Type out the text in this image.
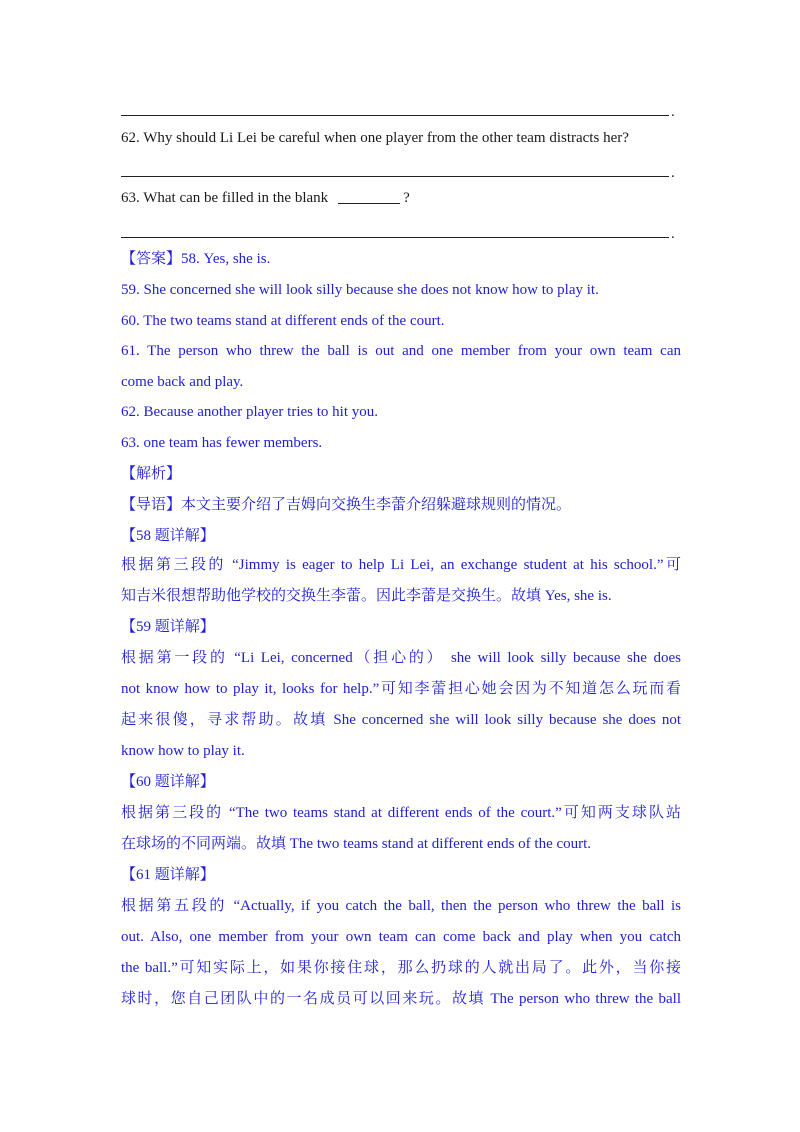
.
62. Why should Li Lei be careful when one player from the other team distracts her?
.
63. What can be filled in the blank	?
.
【答案】58. Yes, she is.
59. She concerned she will look silly because she does not know how to play it.
60. The two teams stand at different ends of the court.
61. The person who threw the ball is out and one member from your own team can
come back and play.
62. Because another player tries to hit you.
63. one team has fewer members.
【解析】
【导语】本文主要介绍了吉姆向交换生李蕾介绍躲避球规则的情况。
【58 题详解】
根据第三段的 “Jimmy is eager to help Li Lei, an exchange student at his school.”可
知吉米很想帮助他学校的交换生李蕾。因此李蕾是交换生。故填 Yes, she is.
【59 题详解】
根据第一段的 “Li Lei, concerned（担心的） she will look silly because she does
not know how to play it, looks for help.”可知李蕾担心她会因为不知道怎么玩而看
起来很傻，寻求帮助。故填 She concerned she will look silly because she does not
know how to play it.
【60 题详解】
根据第三段的 “The two teams stand at different ends of the court.”可知两支球队站
在球场的不同两端。故填 The two teams stand at different ends of the court.
【61 题详解】
根据第五段的 “Actually, if you catch the ball, then the person who threw the ball is
out. Also, one member from your own team can come back and play when you catch
the ball.”可知实际上，如果你接住球，那么扔球的人就出局了。此外，当你接
球时，您自己团队中的一名成员可以回来玩。故填 The person who threw the ball
